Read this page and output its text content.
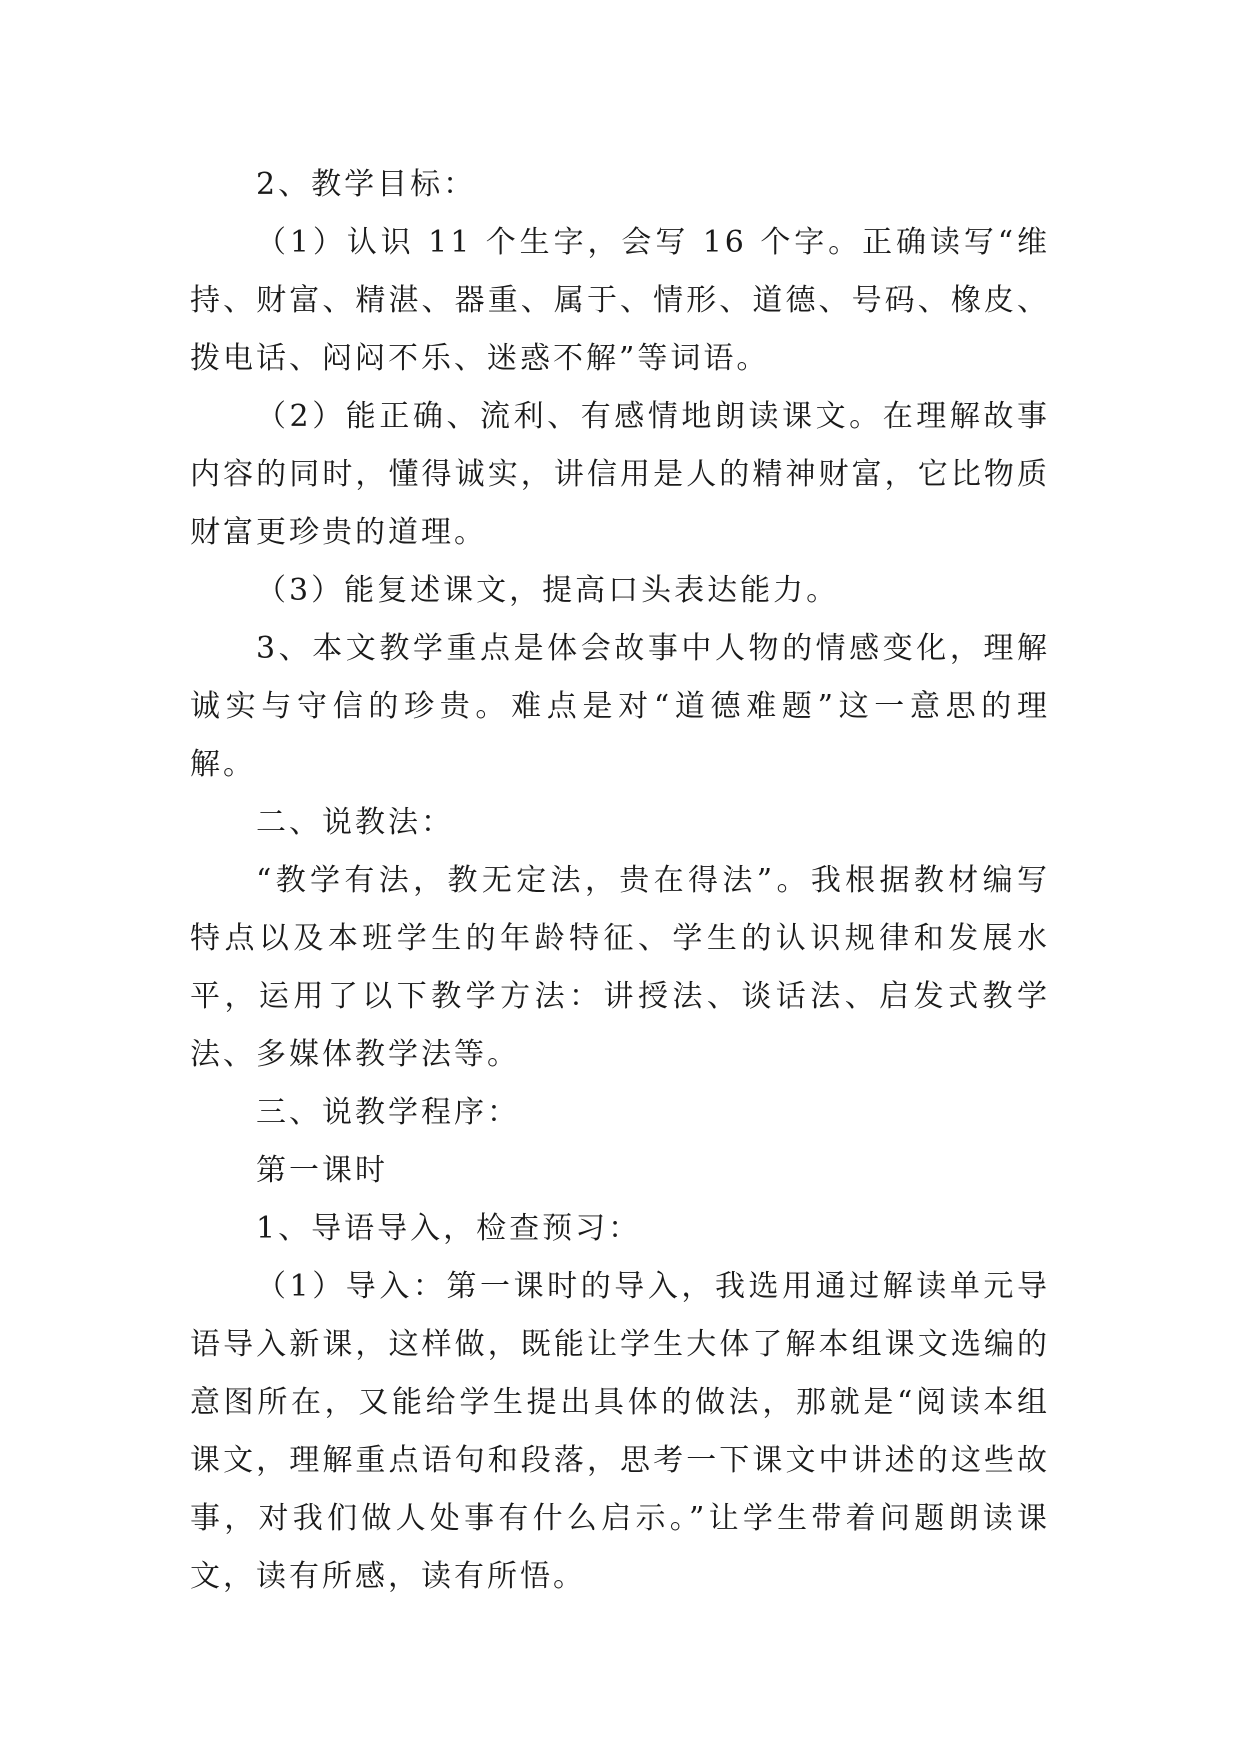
2、教学目标：

（1）认识 11 个生字，会写 16 个字。正确读写“维持、财富、精湛、器重、属于、情形、道德、号码、橡皮、拨电话、闷闷不乐、迷惑不解”等词语。

（2）能正确、流利、有感情地朗读课文。在理解故事内容的同时，懂得诚实，讲信用是人的精神财富，它比物质财富更珍贵的道理。

（3）能复述课文，提高口头表达能力。

3、本文教学重点是体会故事中人物的情感变化，理解诚实与守信的珍贵。难点是对“道德难题”这一意思的理解。

二、说教法：

“教学有法，教无定法，贵在得法”。我根据教材编写特点以及本班学生的年龄特征、学生的认识规律和发展水平，运用了以下教学方法：讲授法、谈话法、启发式教学法、多媒体教学法等。

三、说教学程序：

第一课时

1、导语导入，检查预习：

（1）导入：第一课时的导入，我选用通过解读单元导语导入新课，这样做，既能让学生大体了解本组课文选编的意图所在，又能给学生提出具体的做法，那就是“阅读本组课文，理解重点语句和段落，思考一下课文中讲述的这些故事，对我们做人处事有什么启示。”让学生带着问题朗读课文，读有所感，读有所悟。
